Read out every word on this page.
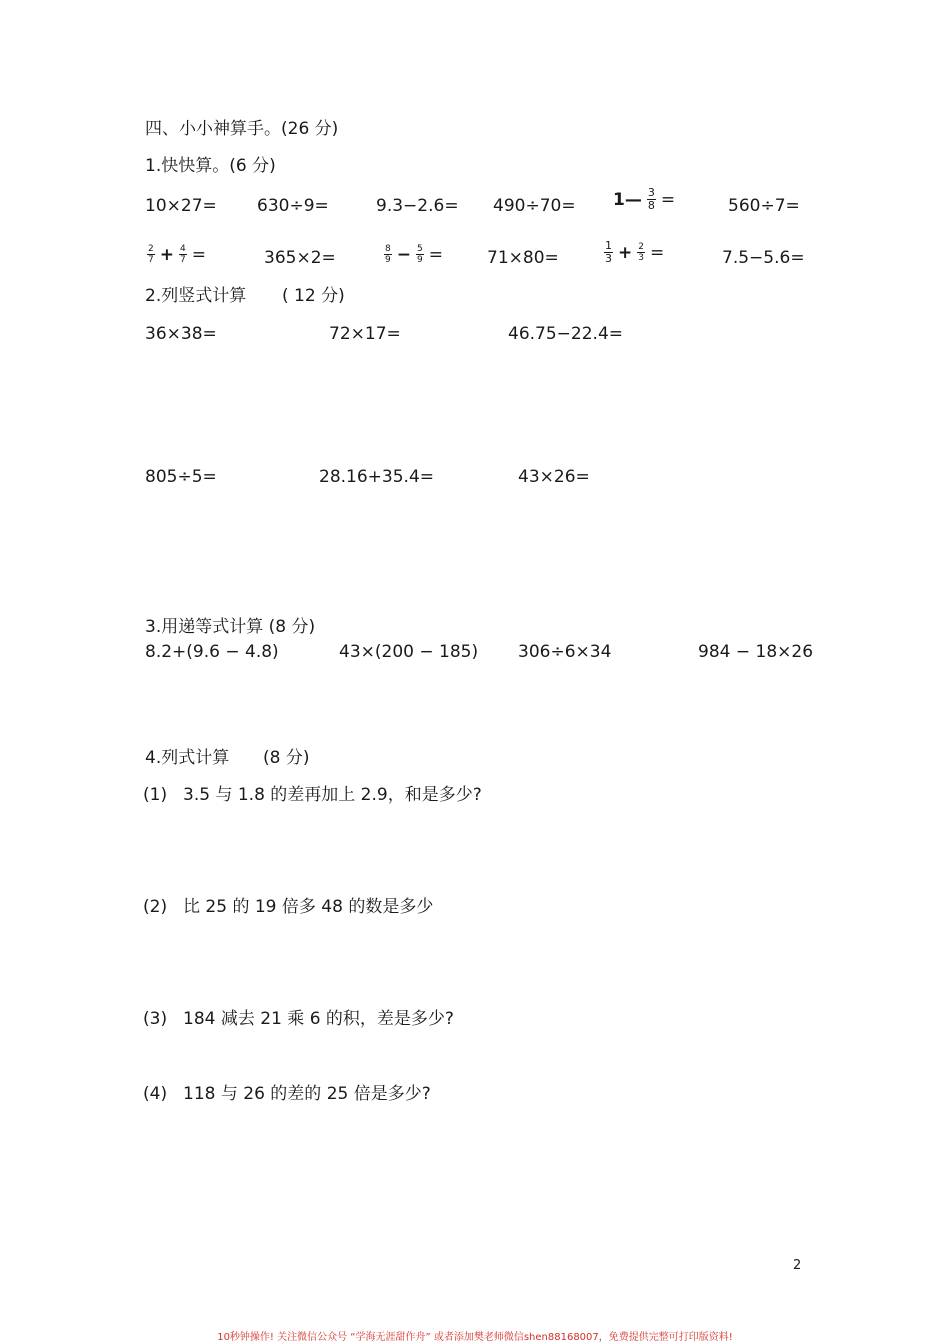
四、小小神算手。(26 分)
1.快快算。(6 分)
10×27= 630÷9=	9.3−2.6= 490÷70= 1— $\frac{3}{8}$ =	560÷7=
$\frac{2}{7} + \frac{4}{7}$ =	365×2=	$\frac{8}{9} - \frac{5}{9}$ =	71×80=	$\frac{1}{3} + \frac{2}{3}$ =	7.5−5.6=
2.列竖式计算 ( 12 分)
36×38=	72×17=	46.75−22.4=
805÷5=	28.16+35.4=	43×26=
3.用递等式计算 (8 分)
8.2+(9.6 − 4.8)	43×(200 − 185) 306÷6×34	984 − 18×26
4.列式计算 (8 分)
(1) 3.5 与 1.8 的差再加上 2.9，和是多少?
(2) 比 25 的 19 倍多 48 的数是多少
(3) 184 减去 21 乘 6 的积，差是多少?
(4) 118 与 26 的差的 25 倍是多少?
2
10秒钟操作! 关注微信公众号 “学海无涯甜作舟” 或者添加樊老师微信shen88168007，免费提供完整可打印版资料!
